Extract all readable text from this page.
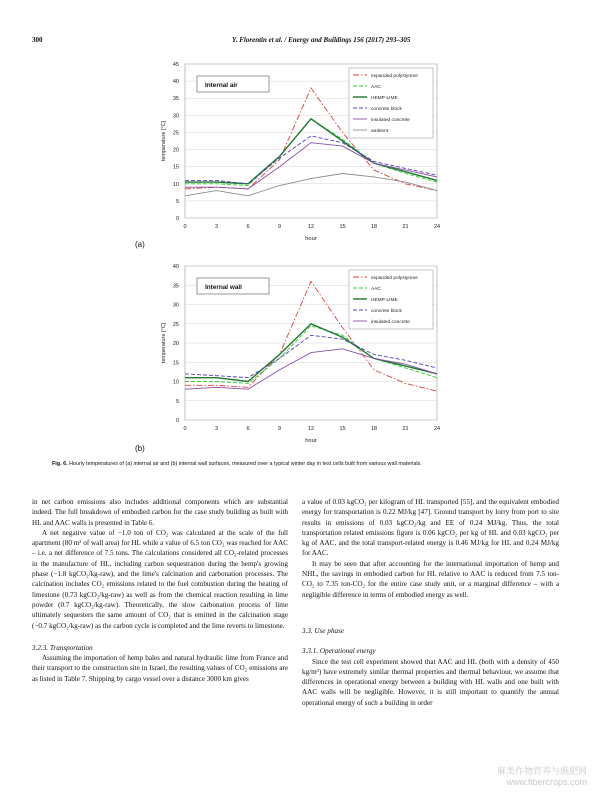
300	Y. Florentin et al. / Energy and Buildings 156 (2017) 293–305
0
5
10
15
20
25
30
35
40
45
0	3	6	9	12	15	18	21	24
hour
temperature [°C]
Internal air
expanded polystyrene
AAC
HEMP-LIME
concrete block
insulated concrete
ambient
(a)
0
5
10
15
20
25
30
35
40
0	3	6	9	12	15	18	21	24
hour
temperature [°C]
Internal wall
expanded polystyrene
AAC
HEMP-LIME
concrete block
insulated concrete
(b)
Fig. 6. Hourly temperatures of (a) internal air and (b) internal wall surfaces, measured over a typical winter day in test cells built from various wall materials.

in net carbon emissions also includes additional components which are substantial indeed. The full breakdown of embodied carbon for the case study building as built with HL and AAC walls is presented in Table 6.

A net negative value of −1.0 ton of CO₂ was calculated at the scale of the full apartment (80 m² of wall area) for HL while a value of 6.5 ton CO₂ was reached for AAC – i.e. a net difference of 7.5 tons. The calculations considered all CO₂-related processes in the manufacture of HL, including carbon sequestration during the hemp's growing phase (−1.8 kgCO₂/kg-raw), and the lime's calcination and carbonation processes. The calcination includes CO₂ emissions related to the fuel combustion during the heating of limestone (0.73 kgCO₂/kg-raw) as well as from the chemical reaction resulting in lime powder (0.7 kgCO₂/kg-raw). Theoretically, the slow carbonation process of lime ultimately sequesters the same amount of CO₂ that is emitted in the calcination stage (−0.7 kgCO₂/kg-raw) as the carbon cycle is completed and the lime reverts to limestone.

3.2.3. Transportation

Assuming the importation of hemp bales and natural hydraulic lime from France and their transport to the construction site in Israel, the resulting values of CO₂ emissions are as listed in Table 7. Shipping by cargo vessel over a distance 3000 km gives

a value of 0.03 kgCO₂ per kilogram of HL transported [55], and the equivalent embodied energy for transportation is 0.22 MJ/kg [47]. Ground transport by lorry from port to site results in emissions of 0.03 kgCO₂/kg and EE of 0.24 MJ/kg. Thus, the total transportation related emissions figure is 0.06 kgCO₂ per kg of HL and 0.03 kgCO₂ per kg of AAC, and the total transport-related energy is 0.46 MJ/kg for HL and 0.24 MJ/kg for AAC.

It may be seen that after accounting for the international importation of hemp and NHL, the savings in embodied carbon for HL relative to AAC is reduced from 7.5 ton-CO₂ to 7.35 ton-CO₂ for the entire case study unit, or a marginal difference – with a negligible difference in terms of embodied energy as well.

3.3. Use phase

3.3.1. Operational energy

Since the test cell experiment showed that AAC and HL (both with a density of 450 kg/m³) have extremely similar thermal properties and thermal behaviour, we assume that differences in operational energy between a building with HL walls and one built with AAC walls will be negligible. However, it is still important to quantify the annual operational energy of such a building in order

麻类作物营养与施肥网
www.fibercrops.com
